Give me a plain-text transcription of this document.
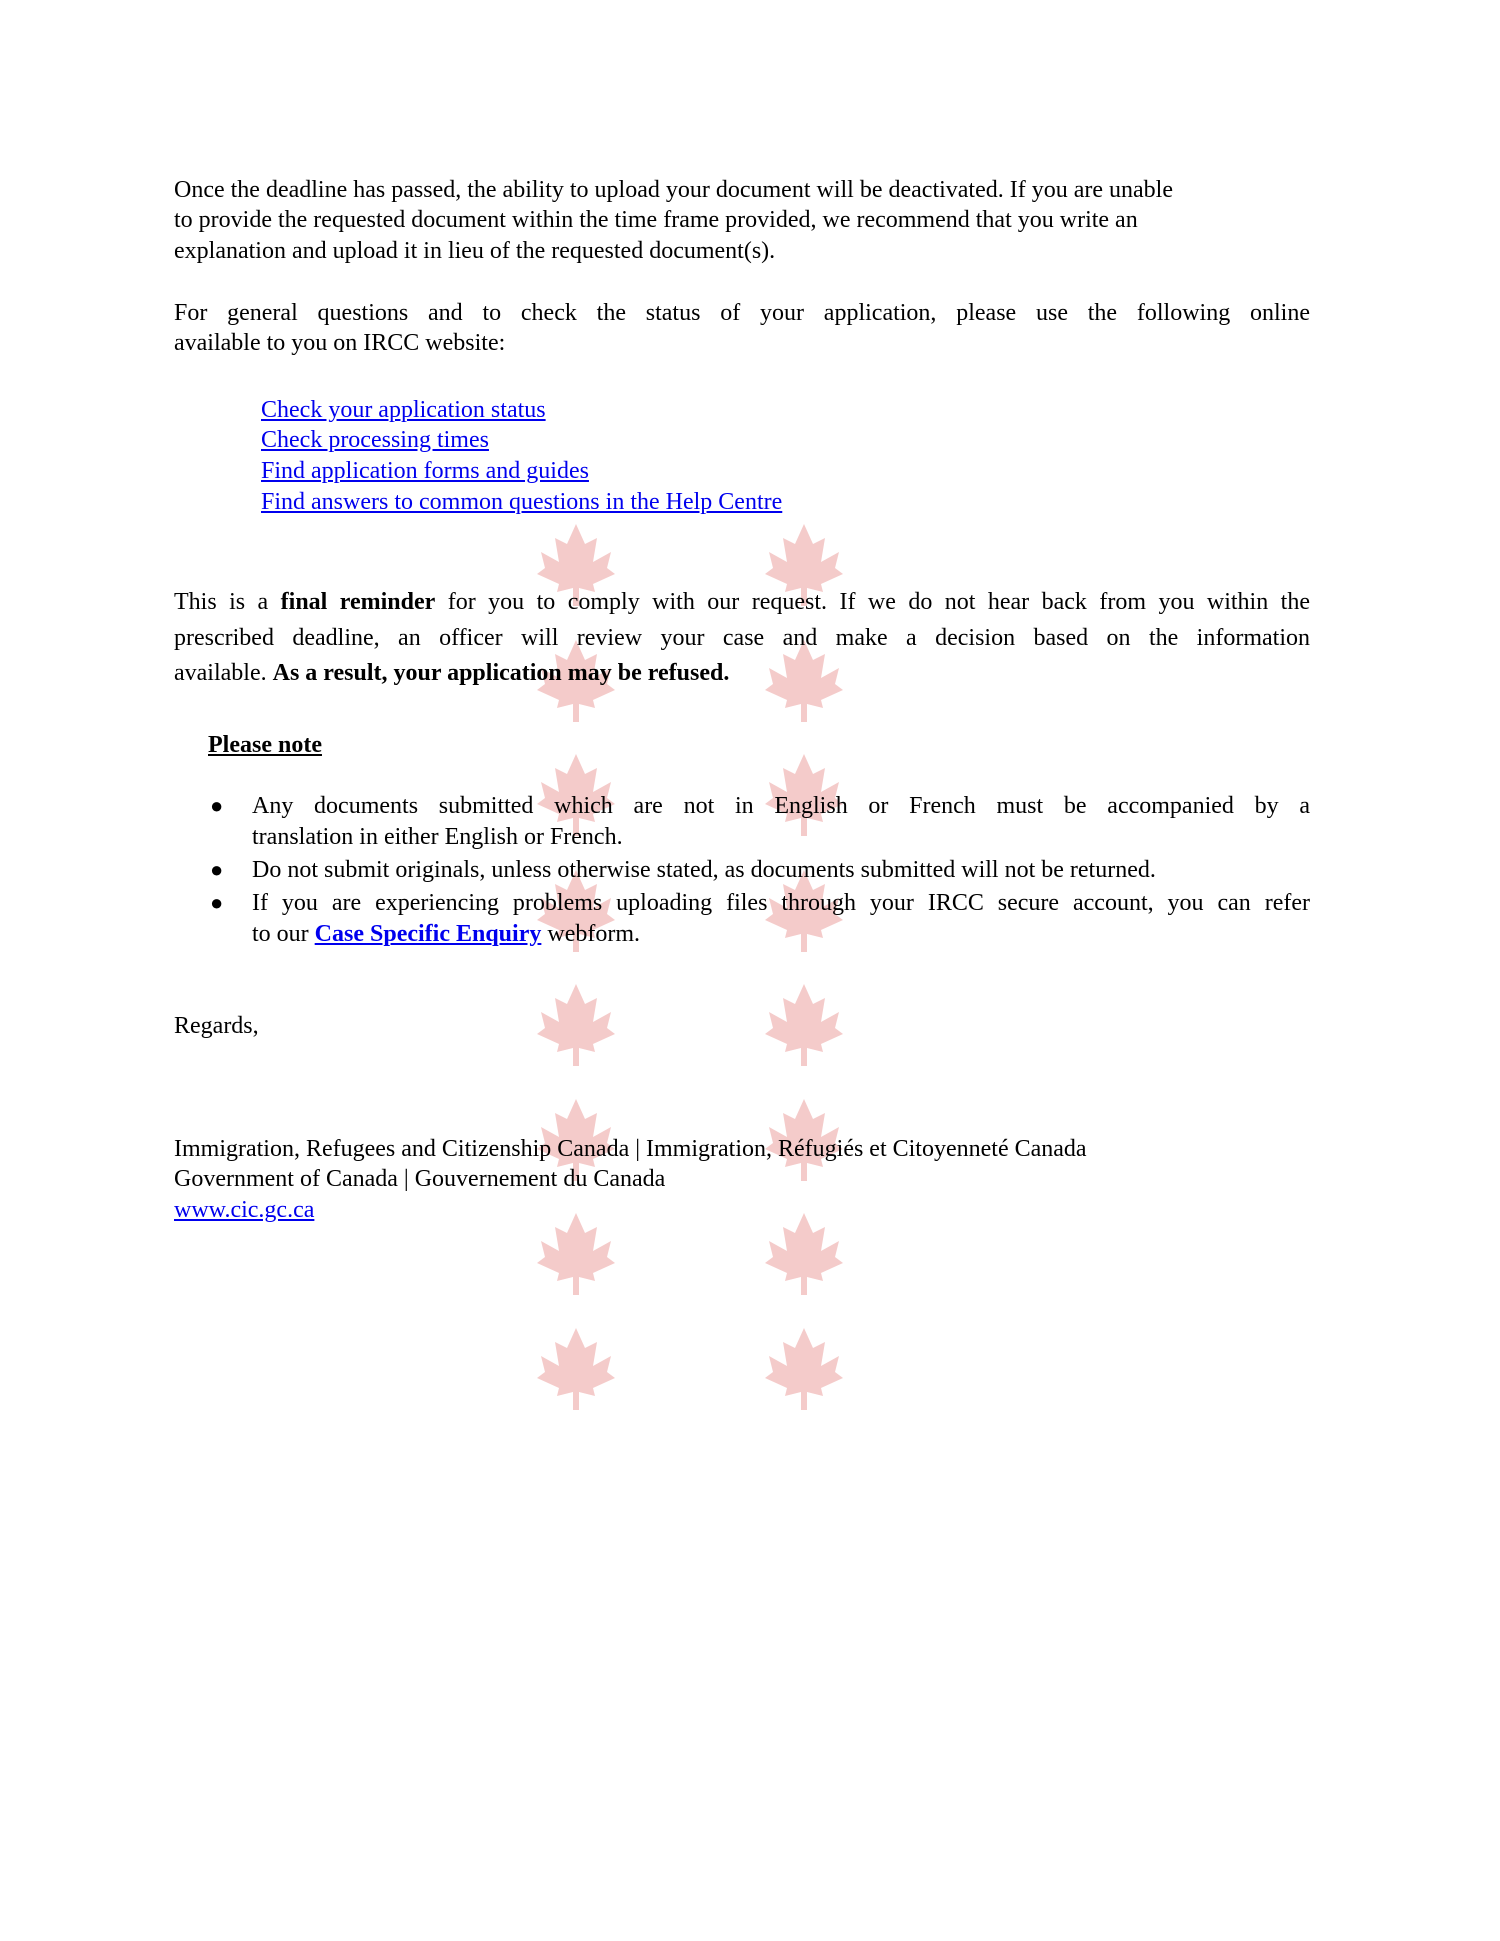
Once the deadline has passed, the ability to upload your document will be deactivated. If you are unable
to provide the requested document within the time frame provided, we recommend that you write an
explanation and upload it in lieu of the requested document(s).
For general questions and to check the status of your application, please use the following online
available to you on IRCC website:
Check your application status
Check processing times
Find application forms and guides
Find answers to common questions in the Help Centre
This is a final reminder for you to comply with our request. If we do not hear back from you within the
prescribed deadline, an officer will review your case and make a decision based on the information
available. As a result, your application may be refused.
Please note
● Any documents submitted which are not in English or French must be accompanied by a
translation in either English or French.
● Do not submit originals, unless otherwise stated, as documents submitted will not be returned.
● If you are experiencing problems uploading files through your IRCC secure account, you can refer
to our Case Specific Enquiry webform.
Regards,
Immigration, Refugees and Citizenship Canada | Immigration, Réfugiés et Citoyenneté Canada
Government of Canada | Gouvernement du Canada
www.cic.gc.ca
